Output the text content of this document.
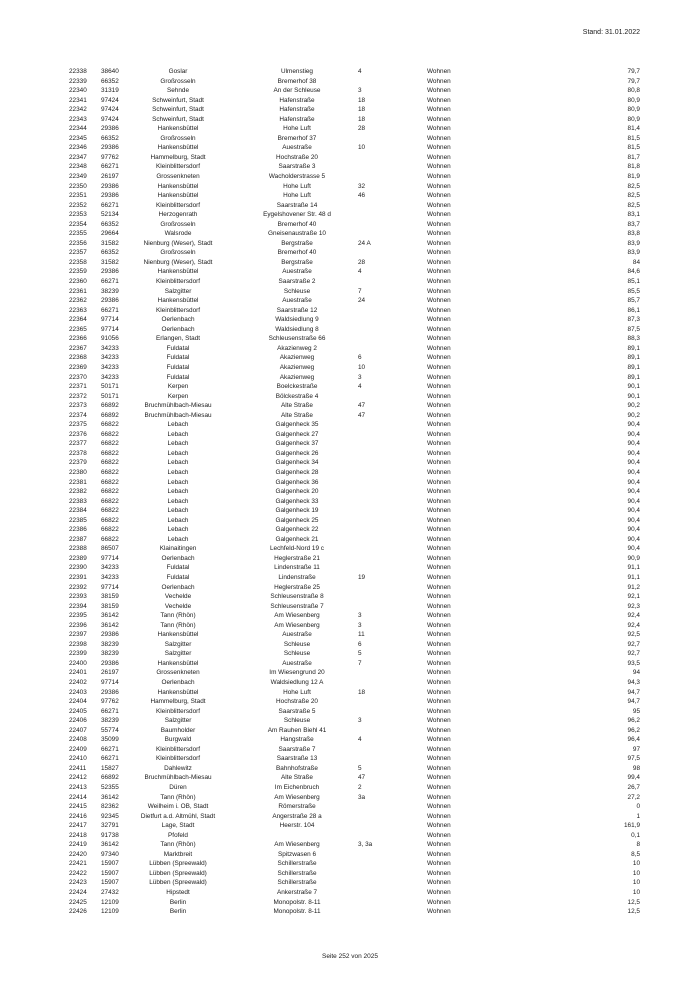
Stand: 31.01.2022
22338 38640	Goslar	Ulmenstieg	4	Wohnen	79,7
22339 66352	Großrosseln	Bremerhof 38	Wohnen	79,7
22340 31319	Sehnde	An der Schleuse	3	Wohnen	80,8
22341 97424	Schweinfurt, Stadt	Hafenstraße	18	Wohnen	80,9
22342 97424	Schweinfurt, Stadt	Hafenstraße	18	Wohnen	80,9
22343 97424	Schweinfurt, Stadt	Hafenstraße	18	Wohnen	80,9
22344 29386	Hankensbüttel	Hohe Luft	28	Wohnen	81,4
22345 66352	Großrosseln	Bremerhof 37	Wohnen	81,5
22346 29386	Hankensbüttel	Auestraße	10	Wohnen	81,5
22347 97762	Hammelburg, Stadt	Hochstraße 20	Wohnen	81,7
22348 66271	Kleinblittersdorf	Saarstraße 3	Wohnen	81,8
22349 26197	Grossenkneten	Wacholderstrasse 5	Wohnen	81,9
22350 29386	Hankensbüttel	Hohe Luft	32	Wohnen	82,5
22351 29386	Hankensbüttel	Hohe Luft	46	Wohnen	82,5
22352 66271	Kleinblittersdorf	Saarstraße 14	Wohnen	82,5
22353 52134	Herzogenrath	Eygelshovener Str. 48 d	Wohnen	83,1
22354 66352	Großrosseln	Bremerhof 40	Wohnen	83,7
22355 29664	Walsrode	Gneisenaustraße 10	Wohnen	83,8
22356 31582	Nienburg (Weser), Stadt	Bergstraße	24 A	Wohnen	83,9
22357 66352	Großrosseln	Bremerhof 40	Wohnen	83,9
22358 31582	Nienburg (Weser), Stadt	Bergstraße	28	Wohnen	84
22359 29386	Hankensbüttel	Auestraße	4	Wohnen	84,6
22360 66271	Kleinblittersdorf	Saarstraße 2	Wohnen	85,1
22361 38239	Salzgitter	Schleuse	7	Wohnen	85,5
22362 29386	Hankensbüttel	Auestraße	24	Wohnen	85,7
22363 66271	Kleinblittersdorf	Saarstraße 12	Wohnen	86,1
22364 97714	Oerlenbach	Waldsiedlung 9	Wohnen	87,3
22365 97714	Oerlenbach	Waldsiedlung 8	Wohnen	87,5
22366 91056	Erlangen, Stadt	Schleusenstraße 66	Wohnen	88,3
22367 34233	Fuldatal	Akazienweg 2	Wohnen	89,1
22368 34233	Fuldatal	Akazienweg	6	Wohnen	89,1
22369 34233	Fuldatal	Akazienweg	10	Wohnen	89,1
22370 34233	Fuldatal	Akazienweg	3	Wohnen	89,1
22371 50171	Kerpen	Boelckestraße	4	Wohnen	90,1
22372 50171	Kerpen	Bölckestraße 4	Wohnen	90,1
22373 66892	Bruchmühlbach-Miesau	Alte Straße	47	Wohnen	90,2
22374 66892	Bruchmühlbach-Miesau	Alte Straße	47	Wohnen	90,2
22375 66822	Lebach	Galgenheck 35	Wohnen	90,4
22376 66822	Lebach	Galgenheck 27	Wohnen	90,4
22377 66822	Lebach	Galgenheck 37	Wohnen	90,4
22378 66822	Lebach	Galgenheck 26	Wohnen	90,4
22379 66822	Lebach	Galgenheck 34	Wohnen	90,4
22380 66822	Lebach	Galgenheck 28	Wohnen	90,4
22381 66822	Lebach	Galgenheck 36	Wohnen	90,4
22382 66822	Lebach	Galgenheck 20	Wohnen	90,4
22383 66822	Lebach	Galgenheck 33	Wohnen	90,4
22384 66822	Lebach	Galgenheck 19	Wohnen	90,4
22385 66822	Lebach	Galgenheck 25	Wohnen	90,4
22386 66822	Lebach	Galgenheck 22	Wohnen	90,4
22387 66822	Lebach	Galgenheck 21	Wohnen	90,4
22388 86507	Klainaitingen	Lechfeld-Nord 19 c	Wohnen	90,4
22389 97714	Oerlenbach	Heglerstraße 21	Wohnen	90,9
22390 34233	Fuldatal	Lindenstraße 11	Wohnen	91,1
22391 34233	Fuldatal	Lindenstraße	19	Wohnen	91,1
22392 97714	Oerlenbach	Heglerstraße 25	Wohnen	91,2
22393 38159	Vechelde	Schleusenstraße 8	Wohnen	92,1
22394 38159	Vechelde	Schleusenstraße 7	Wohnen	92,3
22395 36142	Tann (Rhön)	Am Wiesenberg	3	Wohnen	92,4
22396 36142	Tann (Rhön)	Am Wiesenberg	3	Wohnen	92,4
22397 29386	Hankensbüttel	Auestraße	11	Wohnen	92,5
22398 38239	Salzgitter	Schleuse	6	Wohnen	92,7
22399 38239	Salzgitter	Schleuse	5	Wohnen	92,7
22400 29386	Hankensbüttel	Auestraße	7	Wohnen	93,5
22401 26197	Grossenkneten	Im Wiesengrund 20	Wohnen	94
22402 97714	Oerlenbach	Waldsiedlung 12 A	Wohnen	94,3
22403 29386	Hankensbüttel	Hohe Luft	18	Wohnen	94,7
22404 97762	Hammelburg, Stadt	Hochstraße 20	Wohnen	94,7
22405 66271	Kleinblittersdorf	Saarstraße 5	Wohnen	95
22406 38239	Salzgitter	Schleuse	3	Wohnen	96,2
22407 55774	Baumholder	Am Rauhen Biehl 41	Wohnen	96,2
22408 35099	Burgwald	Hangstraße	4	Wohnen	96,4
22409 66271	Kleinblittersdorf	Saarstraße 7	Wohnen	97
22410 66271	Kleinblittersdorf	Saarstraße 13	Wohnen	97,5
22411 15827	Dahlewitz	Bahnhofstraße	5	Wohnen	98
22412 66892	Bruchmühlbach-Miesau	Alte Straße	47	Wohnen	99,4
22413 52355	Düren	Im Eichenbruch	2	Wohnen	26,7
22414 36142	Tann (Rhön)	Am Wiesenberg	3a	Wohnen	27,2
22415 82362	Weilheim i. OB, Stadt	Römerstraße	Wohnen	0
22416 92345	Dietfurt a.d. Altmühl, Stadt	Angerstraße 28 a	Wohnen	1
22417 32791	Lage, Stadt	Heerstr. 104	Wohnen	161,9
22418 91738	Pfofeld	Wohnen	0,1
22419 36142	Tann (Rhön)	Am Wiesenberg	3, 3a	Wohnen	8
22420 97340	Marktbreit	Spitzwasen 6	Wohnen	8,5
22421 15907	Lübben (Spreewald)	Schillerstraße	Wohnen	10
22422 15907	Lübben (Spreewald)	Schillerstraße	Wohnen	10
22423 15907	Lübben (Spreewald)	Schillerstraße	Wohnen	10
22424 27432	Hipstedt	Ankerstraße 7	Wohnen	10
22425 12109	Berlin	Monopolstr. 8-11	Wohnen	12,5
22426 12109	Berlin	Monopolstr. 8-11	Wohnen	12,5
Seite 252 von 2025
